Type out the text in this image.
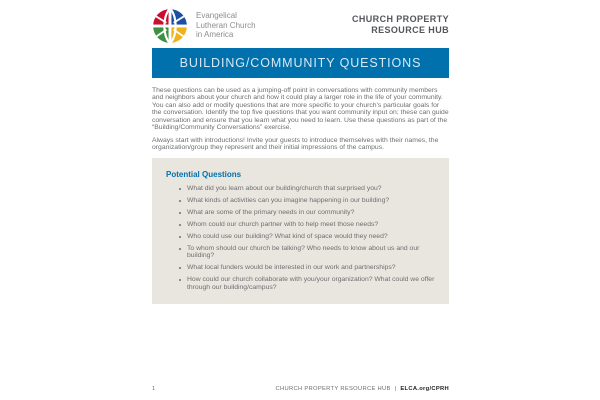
Evangelical
Lutheran Church
in America
CHURCH PROPERTY
RESOURCE HUB
BUILDING/COMMUNITY QUESTIONS

These questions can be used as a jumping-off point in conversations with community members and neighbors about your church and how it could play a larger role in the life of your community. You can also add or modify questions that are more specific to your church’s particular goals for the conversation. Identify the top five questions that you want community input on; these can guide conversation and ensure that you learn what you need to learn. Use these questions as part of the “Building/Community Conversations” exercise.

Always start with introductions! Invite your guests to introduce themselves with their names, the organization/group they represent and their initial impressions of the campus.

Potential Questions
What did you learn about our building/church that surprised you?
What kinds of activities can you imagine happening in our building?
What are some of the primary needs in our community?
Whom could our church partner with to help meet those needs?
Who could use our building? What kind of space would they need?
To whom should our church be talking? Who needs to know about us and our building?
What local funders would be interested in our work and partnerships?
How could our church collaborate with you/your organization? What could we offer through our building/campus?
1	CHURCH PROPERTY RESOURCE HUB | ELCA.org/CPRH
